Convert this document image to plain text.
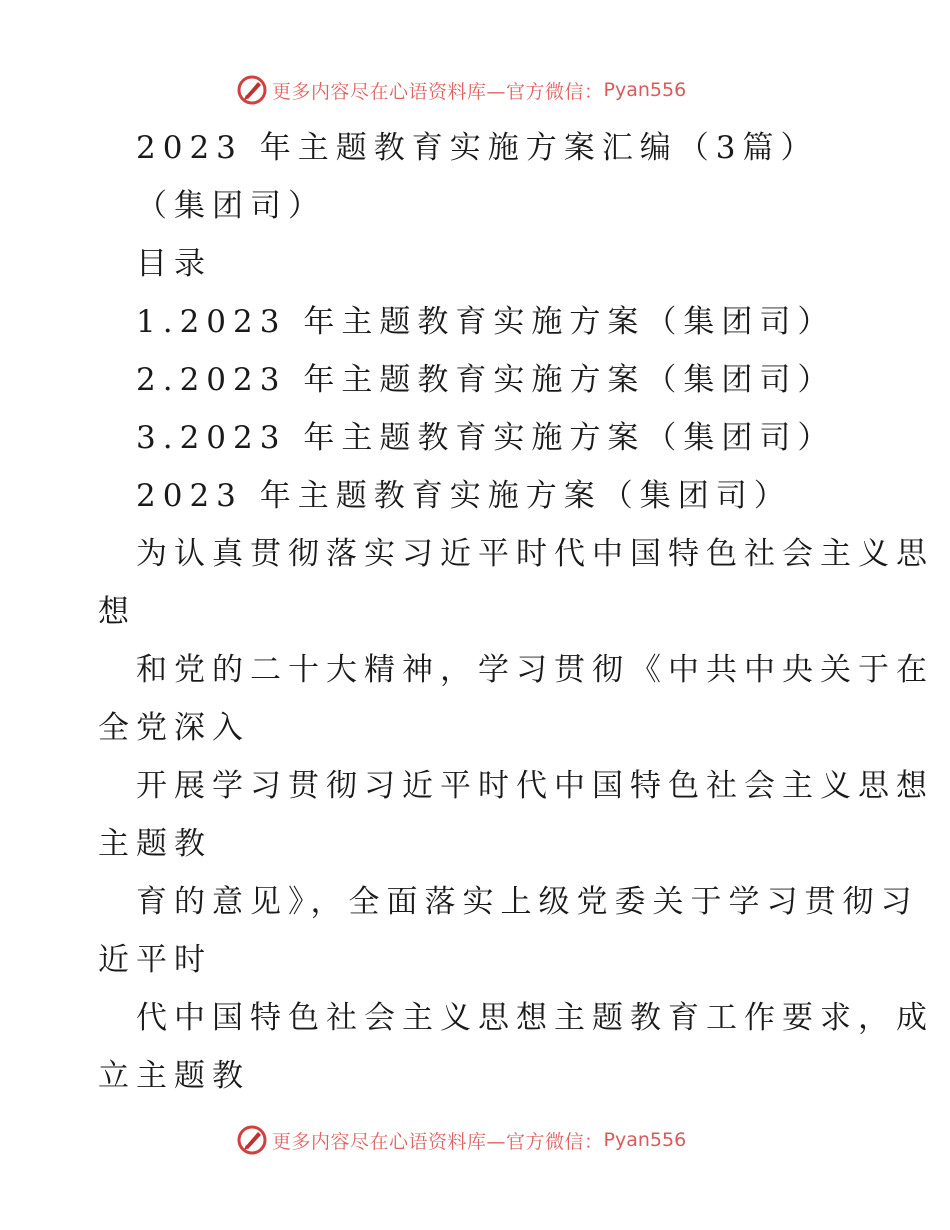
更多内容尽在心语资料库—官方微信： Pyan556
2023 年主题教育实施方案汇编（3篇）
（集团司）
目录
1.2023 年主题教育实施方案（集团司）
2.2023 年主题教育实施方案（集团司）
3.2023 年主题教育实施方案（集团司）
2023 年主题教育实施方案（集团司）
为认真贯彻落实习近平时代中国特色社会主义思
想
和党的二十大精神，学习贯彻《中共中央关于在
全党深入
开展学习贯彻习近平时代中国特色社会主义思想
主题教
育的意见》，全面落实上级党委关于学习贯彻习
近平时
代中国特色社会主义思想主题教育工作要求，成
立主题教
更多内容尽在心语资料库—官方微信： Pyan556
